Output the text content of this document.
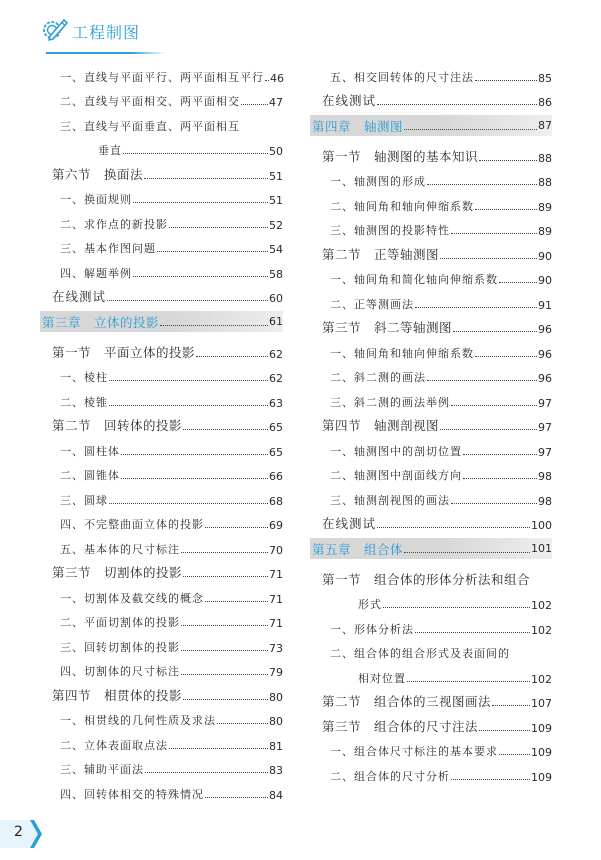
工程制图
一、直线与平面平行、两平面相互平行 46
二、直线与平面相交、两平面相交	47
三、直线与平面垂直、两平面相互
垂直	50
第六节　换面法	51
一、换面规则	51
二、求作点的新投影	52
三、基本作图问题	54
四、解题举例	58
在线测试	60
第三章　立体的投影	61
第一节　平面立体的投影	62
一、棱柱	62
二、棱锥	63
第二节　回转体的投影	65
一、圆柱体	65
二、圆锥体	66
三、圆球	68
四、不完整曲面立体的投影	69
五、基本体的尺寸标注	70
第三节　切割体的投影	71
一、切割体及截交线的概念	71
二、平面切割体的投影	71
三、回转切割体的投影	73
四、切割体的尺寸标注	79
第四节　相贯体的投影	80
一、相贯线的几何性质及求法	80
二、立体表面取点法	81
三、辅助平面法	83
四、回转体相交的特殊情况	84
五、相交回转体的尺寸注法	85
在线测试	86
第四章　轴测图	87
第一节　轴测图的基本知识	88
一、轴测图的形成	88
二、轴间角和轴向伸缩系数	89
三、轴测图的投影特性	89
第二节　正等轴测图	90
一、轴间角和简化轴向伸缩系数	90
二、正等测画法	91
第三节　斜二等轴测图	96
一、轴间角和轴向伸缩系数	96
二、斜二测的画法	96
三、斜二测的画法举例	97
第四节　轴测剖视图	97
一、轴测图中的剖切位置	97
二、轴测图中剖面线方向	98
三、轴测剖视图的画法	98
在线测试	100
第五章　组合体	101
第一节　组合体的形体分析法和组合
形式	102
一、形体分析法	102
二、组合体的组合形式及表面间的
相对位置	102
第二节　组合体的三视图画法	107
第三节　组合体的尺寸注法	109
一、组合体尺寸标注的基本要求	109
二、组合体的尺寸分析	109
2
